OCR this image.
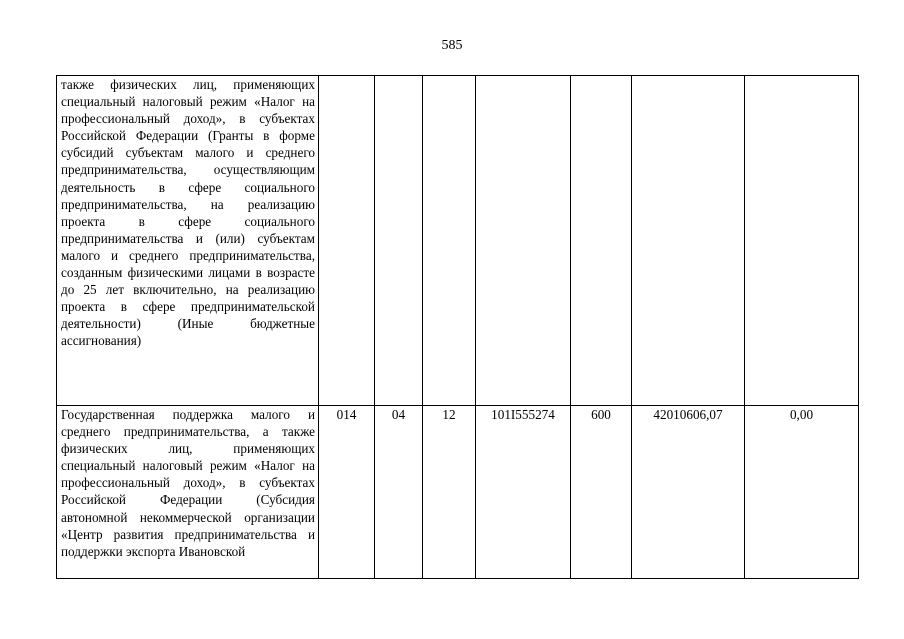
585
также физических лиц, применяющих специальный налоговый режим «Налог на профессиональный доход», в субъектах Российской Федерации (Гранты в форме субсидий субъектам малого и среднего предпринимательства, осуществляющим деятельность в сфере социального предпринимательства, на реализацию проекта в сфере социального предпринимательства и (или) субъектам малого и среднего предпринимательства, созданным физическими лицами в возрасте до 25 лет включительно, на реализацию проекта в сфере предпринимательской деятельности) (Иные бюджетные ассигнования)							
Государственная поддержка малого и среднего предпринимательства, а также физических лиц, применяющих специальный налоговый режим «Налог на профессиональный доход», в субъектах Российской Федерации (Субсидия автономной некоммерческой организации «Центр развития предпринимательства и поддержки экспорта Ивановской	014	04	12	101I555274	600	42010606,07	0,00
